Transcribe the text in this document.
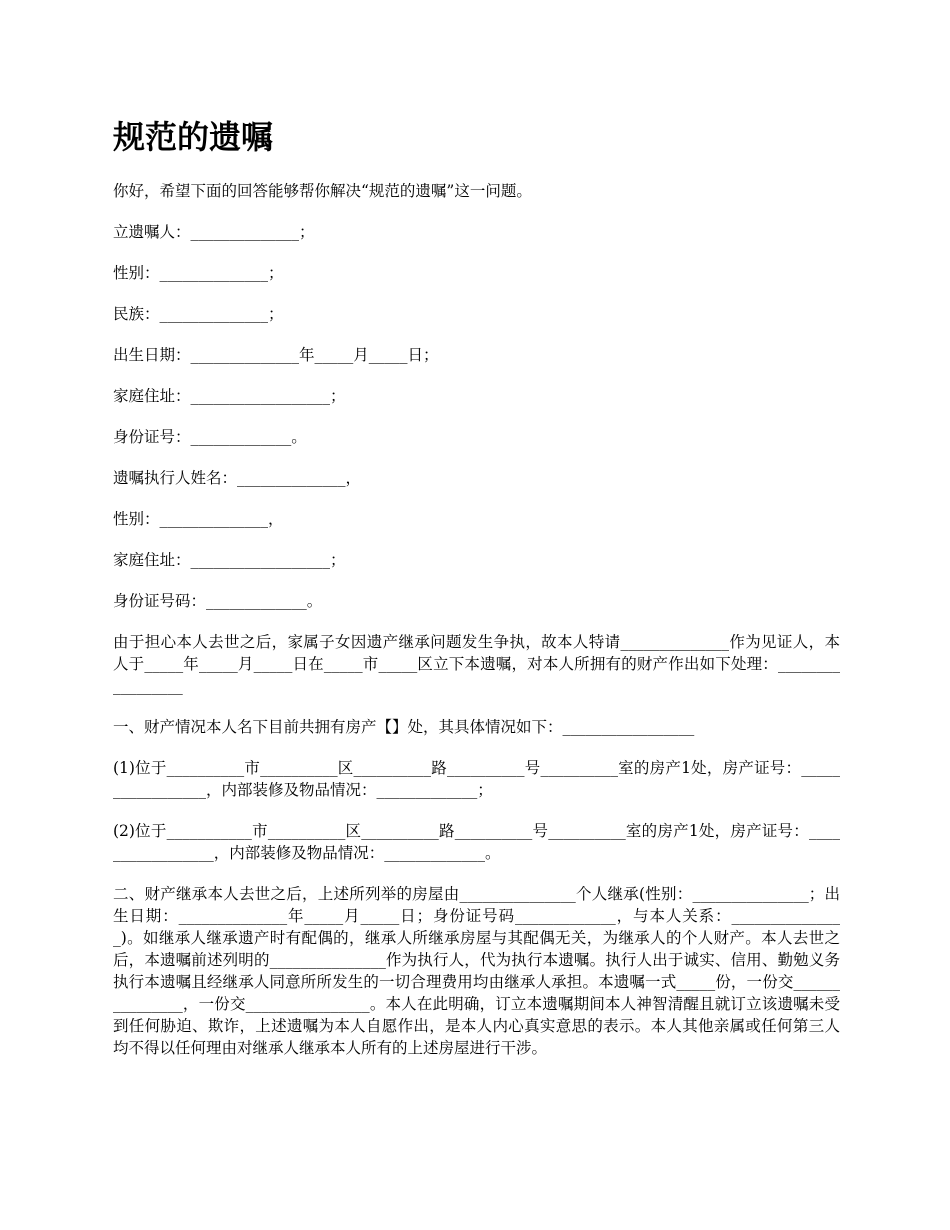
规范的遗嘱

你好，希望下面的回答能够帮你解决“规范的遗嘱”这一问题。

立遗嘱人：______________；

性别：______________；

民族：______________；

出生日期：______________年_____月_____日；

家庭住址：__________________；

身份证号：_____________。

遗嘱执行人姓名：______________，

性别：______________，

家庭住址：__________________；

身份证号码：_____________。

由于担心本人去世之后，家属子女因遗产继承问题发生争执，故本人特请______________作为见证人，本人于_____年_____月_____日在_____市_____区立下本遗嘱，对本人所拥有的财产作出如下处理：_________________

一、财产情况本人名下目前共拥有房产【】处，其具体情况如下：_________________

(1)位于__________市__________区__________路__________号__________室的房产1处，房产证号：_________________，内部装修及物品情况：_____________；

(2)位于___________市__________区__________路__________号__________室的房产1处，房产证号：_________________，内部装修及物品情况：_____________。

二、财产继承本人去世之后，上述所列举的房屋由_______________个人继承(性别：_______________；出生日期：______________年_____月_____日；身份证号码_____________，与本人关系：_______________)。如继承人继承遗产时有配偶的，继承人所继承房屋与其配偶无关，为继承人的个人财产。本人去世之后，本遗嘱前述列明的_______________作为执行人，代为执行本遗嘱。执行人出于诚实、信用、勤勉义务执行本遗嘱且经继承人同意所所发生的一切合理费用均由继承人承担。本遗嘱一式_____份，一份交_______________，一份交________________。本人在此明确，订立本遗嘱期间本人神智清醒且就订立该遗嘱未受到任何胁迫、欺诈，上述遗嘱为本人自愿作出，是本人内心真实意思的表示。本人其他亲属或任何第三人均不得以任何理由对继承人继承本人所有的上述房屋进行干涉。
